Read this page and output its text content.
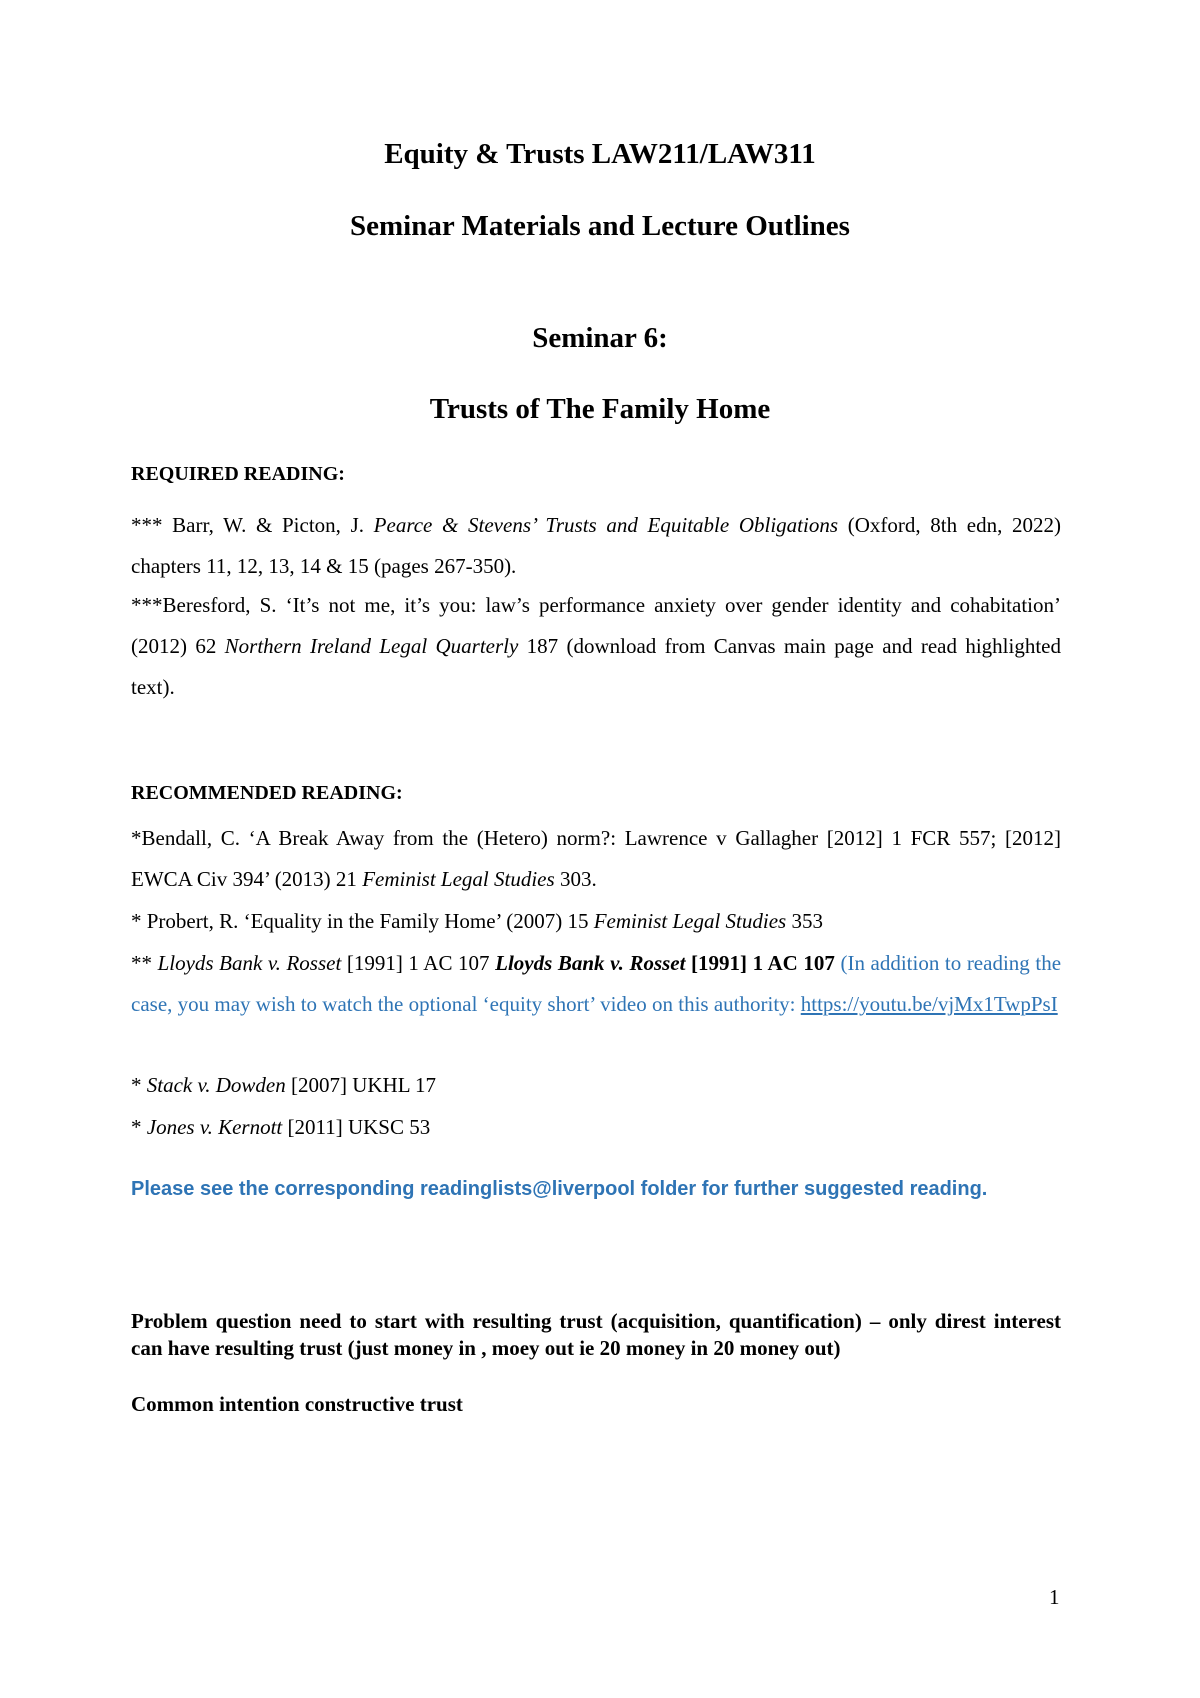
Equity & Trusts LAW211/LAW311
Seminar Materials and Lecture Outlines
Seminar 6:
Trusts of The Family Home
REQUIRED READING:
*** Barr, W. & Picton, J. Pearce & Stevens’ Trusts and Equitable Obligations (Oxford, 8th edn, 2022) chapters 11, 12, 13, 14 & 15 (pages 267-350).
***Beresford, S. ‘It’s not me, it’s you: law’s performance anxiety over gender identity and cohabitation’ (2012) 62 Northern Ireland Legal Quarterly 187 (download from Canvas main page and read highlighted text).
RECOMMENDED READING:
*Bendall, C. ‘A Break Away from the (Hetero) norm?: Lawrence v Gallagher [2012] 1 FCR 557; [2012] EWCA Civ 394’ (2013) 21 Feminist Legal Studies 303.
* Probert, R. ‘Equality in the Family Home’ (2007) 15 Feminist Legal Studies 353
** Lloyds Bank v. Rosset [1991] 1 AC 107 Lloyds Bank v. Rosset [1991] 1 AC 107 (In addition to reading the case, you may wish to watch the optional ‘equity short’ video on this authority: https://youtu.be/vjMx1TwpPsI
* Stack v. Dowden [2007] UKHL 17
* Jones v. Kernott [2011] UKSC 53
Please see the corresponding readinglists@liverpool folder for further suggested reading.
Problem question need to start with resulting trust (acquisition, quantification) – only direst interest can have resulting trust (just money in , moey out ie 20 money in 20 money out)
Common intention constructive trust
1
